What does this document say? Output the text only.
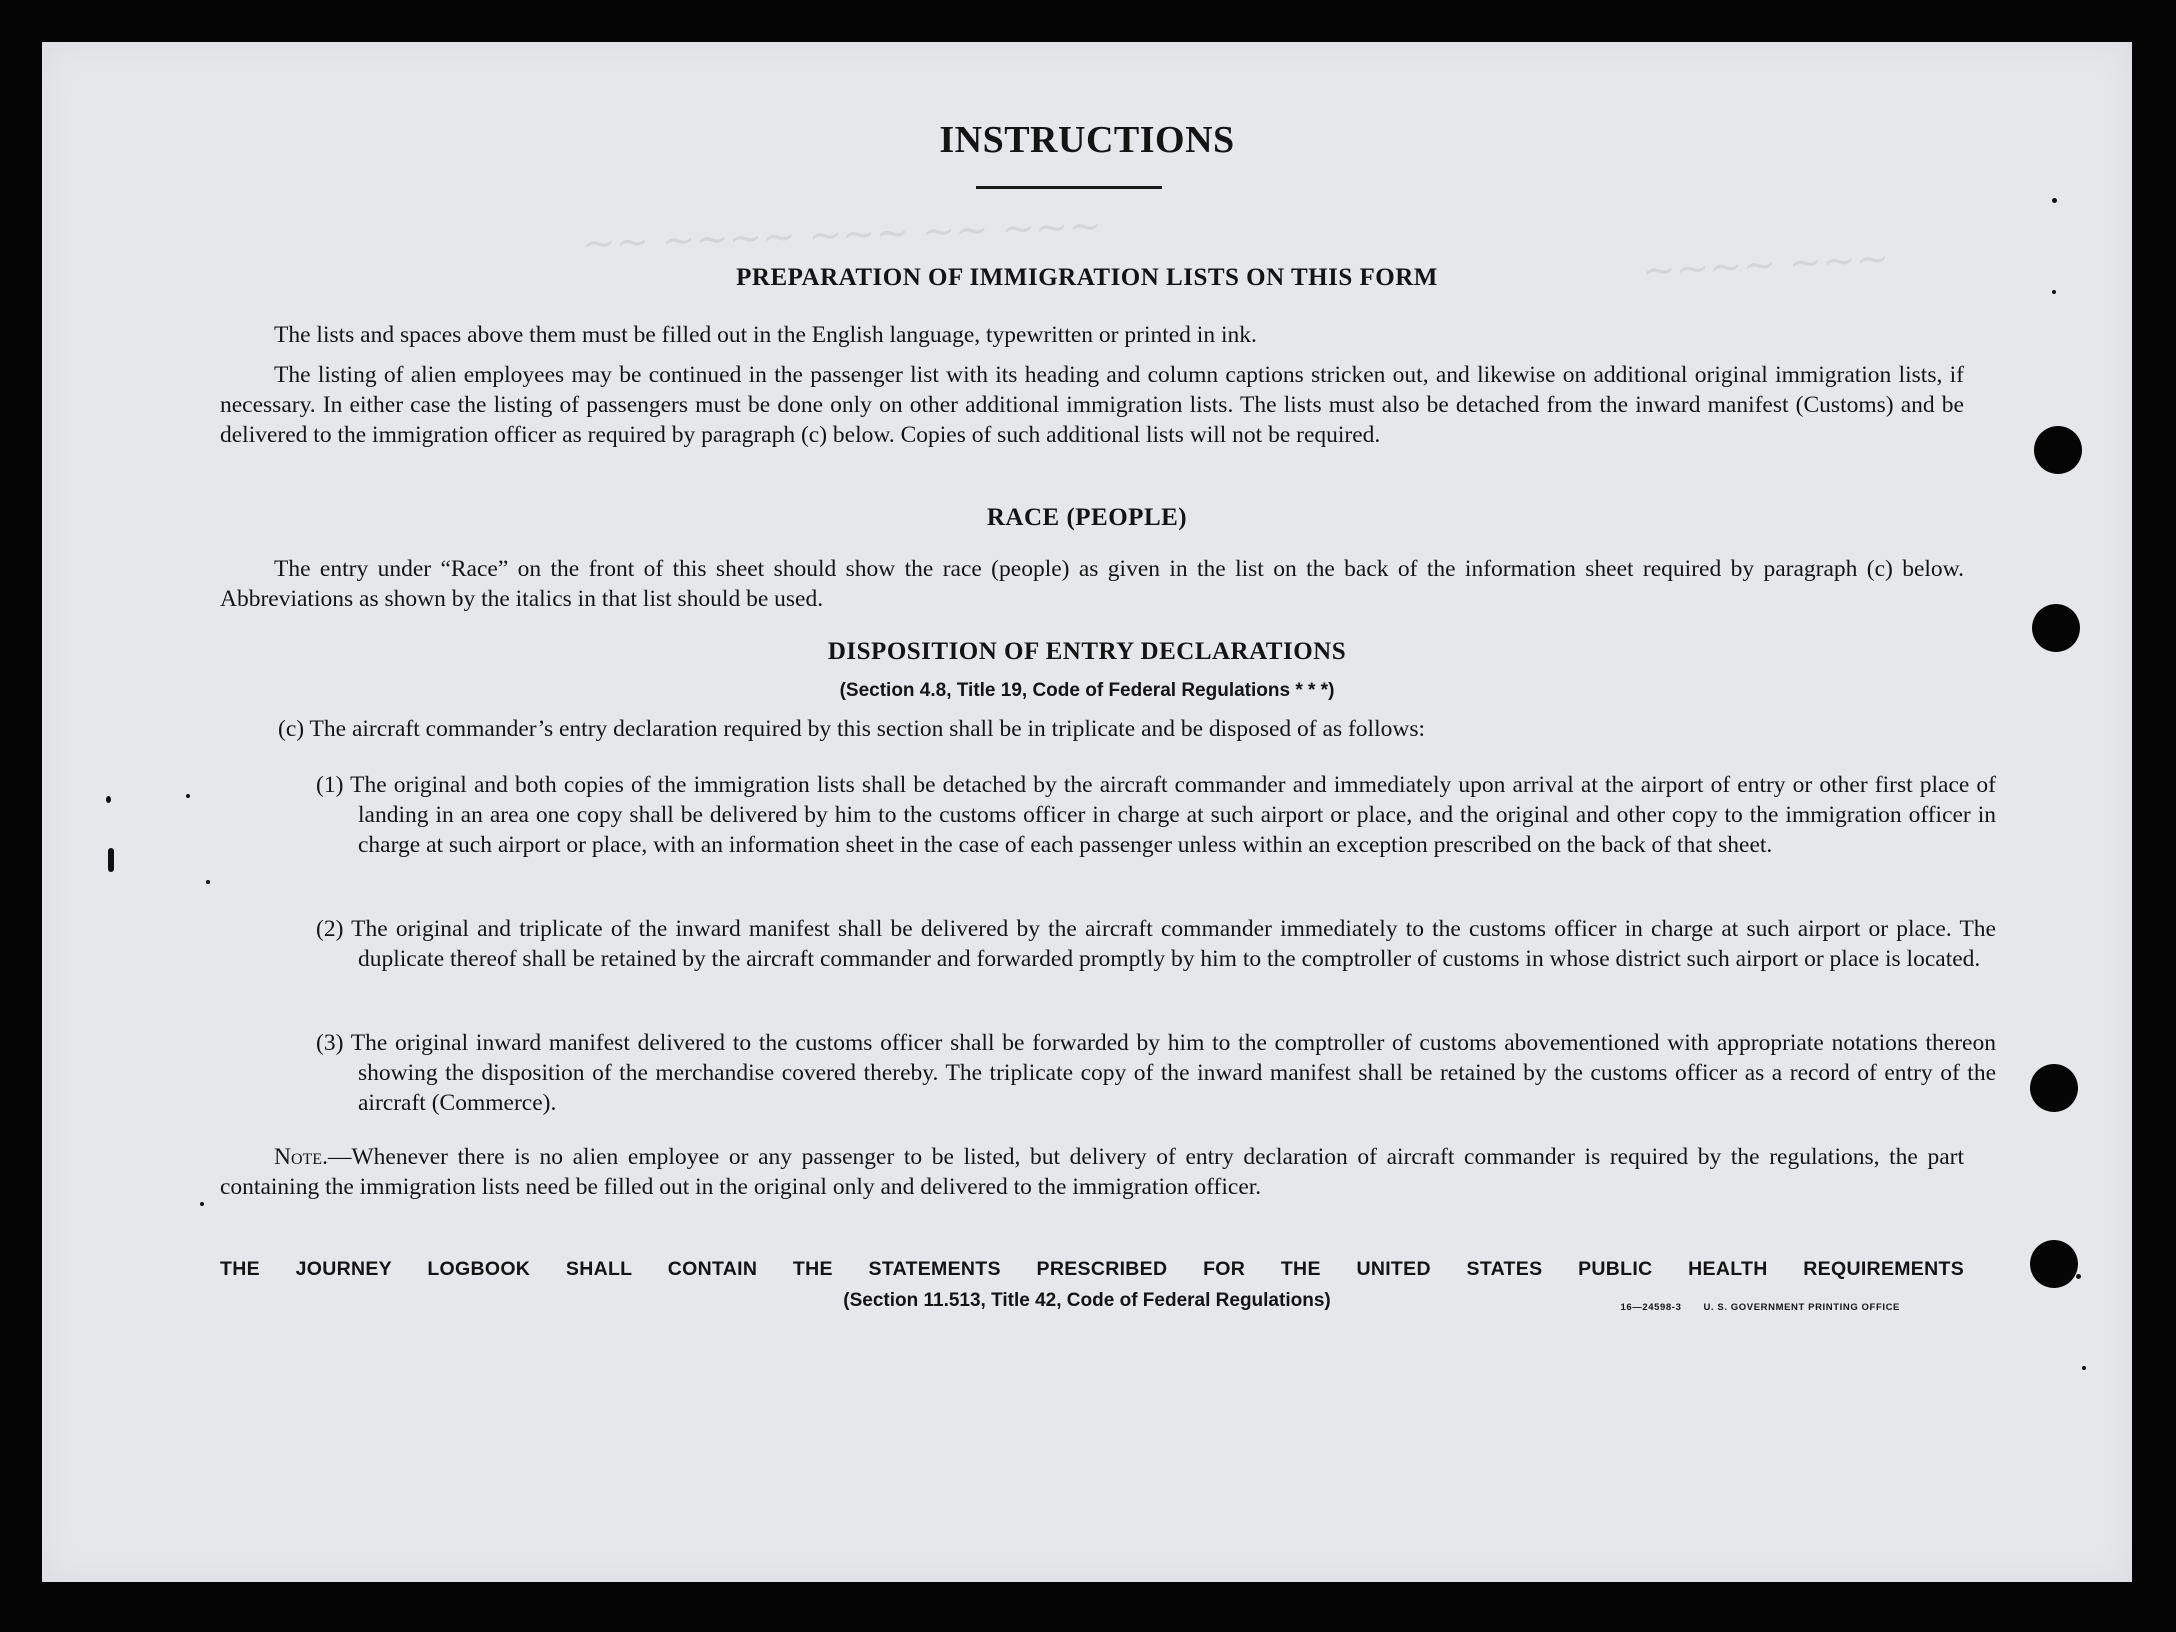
~~ ~~~~ ~~~ ~~ ~~~	~~~~ ~~~
INSTRUCTIONS
PREPARATION OF IMMIGRATION LISTS ON THIS FORM
The lists and spaces above them must be filled out in the English language, typewritten or printed in ink.
The listing of alien employees may be continued in the passenger list with its heading and column captions stricken out, and likewise on additional original immigration lists, if necessary. In either case the listing of passengers must be done only on other additional immigration lists. The lists must also be detached from the inward manifest (Customs) and be delivered to the immigration officer as required by paragraph (c) below. Copies of such additional lists will not be required.
RACE (PEOPLE)
The entry under “Race” on the front of this sheet should show the race (people) as given in the list on the back of the information sheet required by paragraph (c) below. Abbreviations as shown by the italics in that list should be used.
DISPOSITION OF ENTRY DECLARATIONS
(Section 4.8, Title 19, Code of Federal Regulations * * *)
(c) The aircraft commander’s entry declaration required by this section shall be in triplicate and be disposed of as follows:
(1) The original and both copies of the immigration lists shall be detached by the aircraft commander and immediately upon arrival at the airport of entry or other first place of landing in an area one copy shall be delivered by him to the customs officer in charge at such airport or place, and the original and other copy to the immigration officer in charge at such airport or place, with an information sheet in the case of each passenger unless within an exception prescribed on the back of that sheet.
(2) The original and triplicate of the inward manifest shall be delivered by the aircraft commander immediately to the customs officer in charge at such airport or place. The duplicate thereof shall be retained by the aircraft commander and forwarded promptly by him to the comptroller of customs in whose district such airport or place is located.
(3) The original inward manifest delivered to the customs officer shall be forwarded by him to the comptroller of customs abovementioned with appropriate notations thereon showing the disposition of the merchandise covered thereby. The triplicate copy of the inward manifest shall be retained by the customs officer as a record of entry of the aircraft (Commerce).
Note.—Whenever there is no alien employee or any passenger to be listed, but delivery of entry declaration of aircraft commander is required by the regulations, the part containing the immigration lists need be filled out in the original only and delivered to the immigration officer.
THE JOURNEY LOGBOOK SHALL CONTAIN THE STATEMENTS PRESCRIBED FOR THE UNITED STATES PUBLIC HEALTH REQUIREMENTS
(Section 11.513, Title 42, Code of Federal Regulations)	16—24598-3 U. S. GOVERNMENT PRINTING OFFICE
